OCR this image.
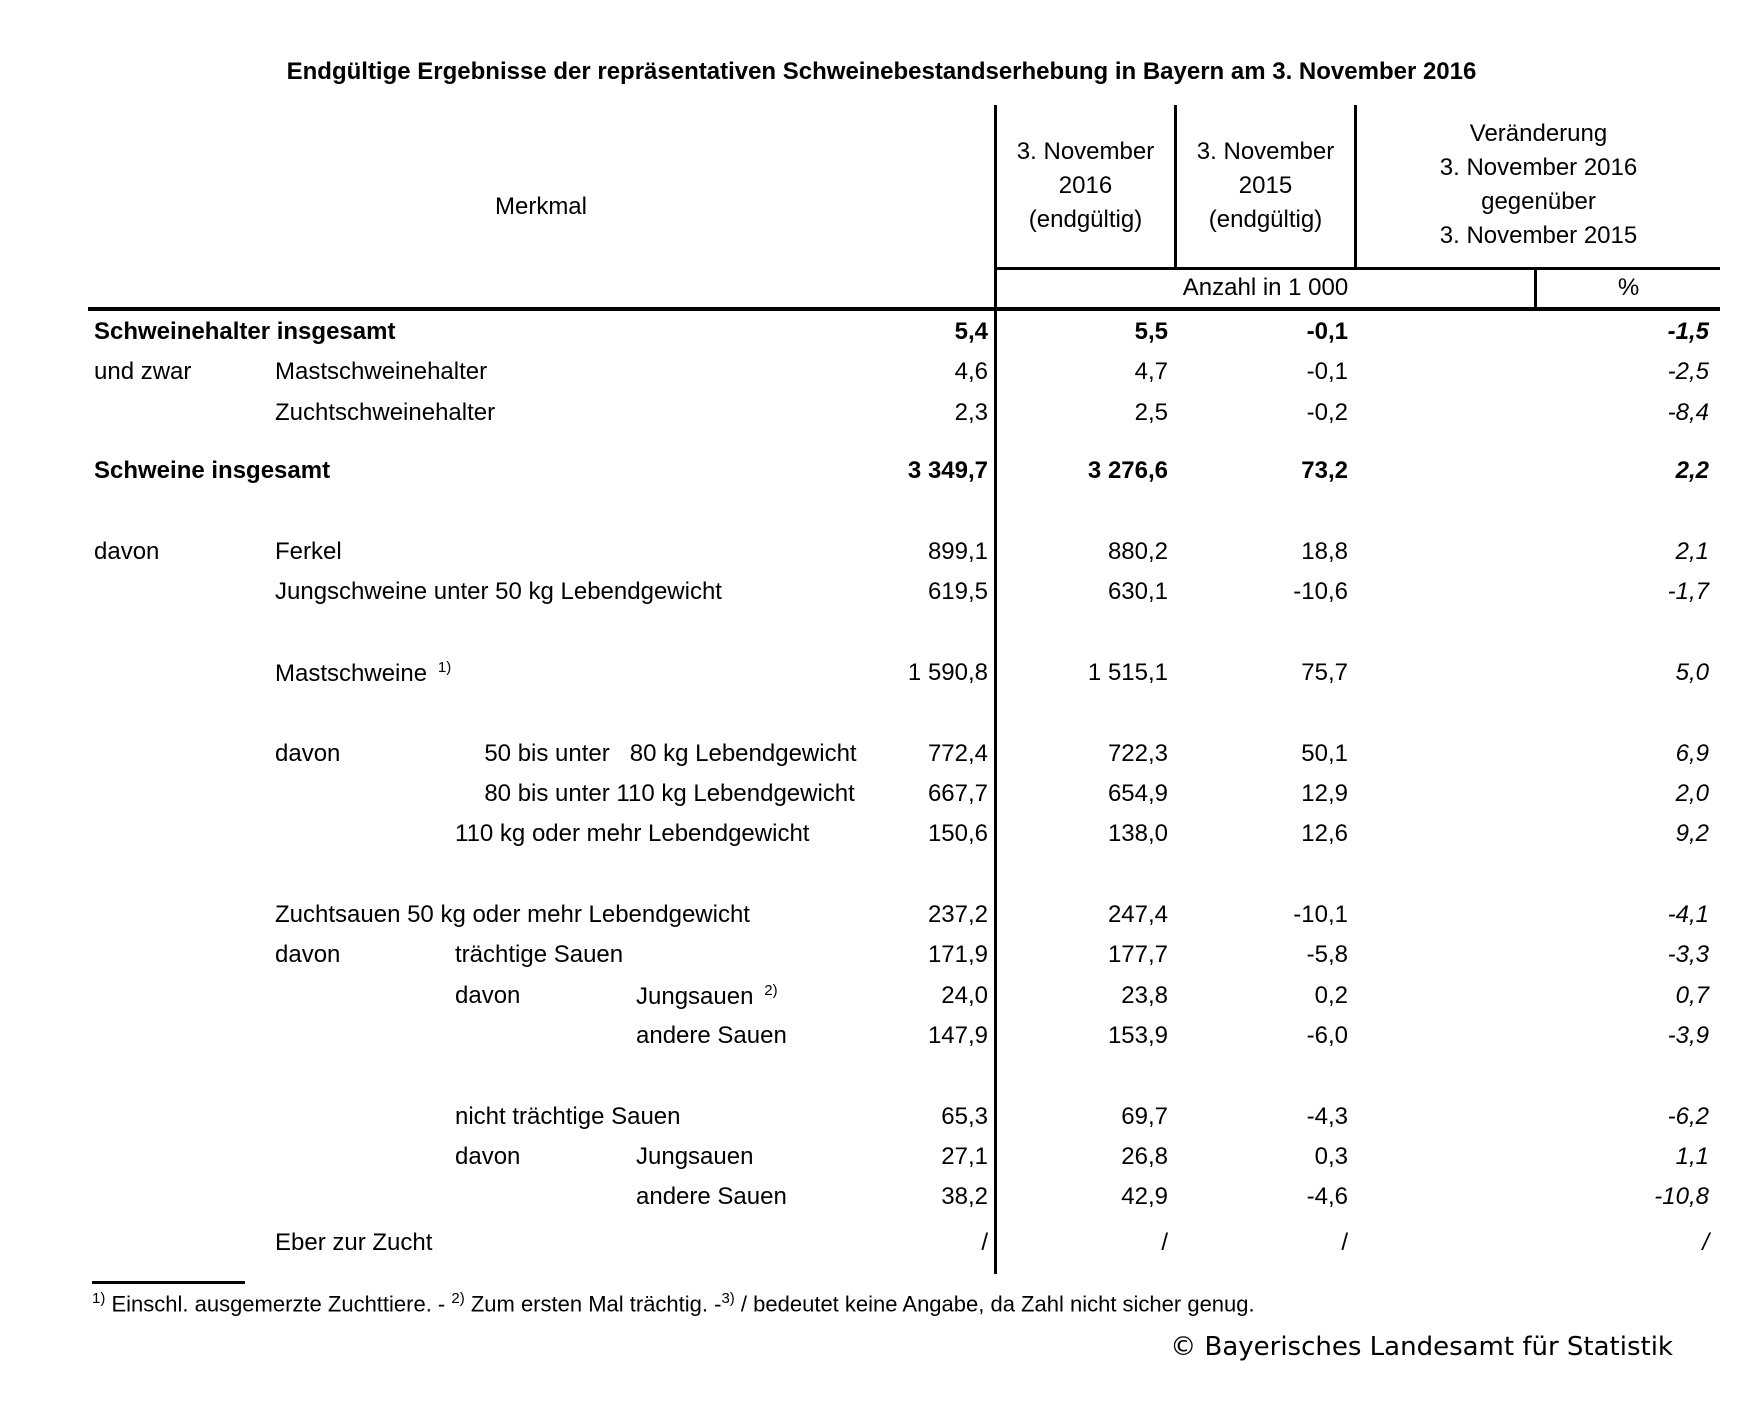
Endgültige Ergebnisse der repräsentativen Schweinebestandserhebung in Bayern am 3. November 2016
Merkmal
3. November
2016
(endgültig)
3. November
2015
(endgültig)
Veränderung
3. November 2016
gegenüber
3. November 2015
Anzahl in 1 000	%
Schweinehalter insgesamt	5,4	5,5	-0,1	-1,5
und zwar	Mastschweinehalter	4,6	4,7	-0,1	-2,5
Zuchtschweinehalter	2,3	2,5	-0,2	-8,4
Schweine insgesamt	3 349,7	3 276,6	73,2	2,2
davon	Ferkel	899,1	880,2	18,8	2,1
Jungschweine unter 50 kg Lebendgewicht	619,5	630,1	-10,6	-1,7
Mastschweine  $^{1)}$	1 590,8	1 515,1	75,7	5,0
davon	50 bis unter   80 kg Lebendgewicht	772,4	722,3	50,1	6,9
80 bis unter 110 kg Lebendgewicht	667,7	654,9	12,9	2,0
110 kg oder mehr Lebendgewicht	150,6	138,0	12,6	9,2
Zuchtsauen 50 kg oder mehr Lebendgewicht	237,2	247,4	-10,1	-4,1
davon	trächtige Sauen	171,9	177,7	-5,8	-3,3
davon	Jungsauen  $^{2)}$	24,0	23,8	0,2	0,7
andere Sauen	147,9	153,9	-6,0	-3,9
nicht trächtige Sauen	65,3	69,7	-4,3	-6,2
davon	Jungsauen	27,1	26,8	0,3	1,1
andere Sauen	38,2	42,9	-4,6	-10,8
Eber zur Zucht	/	/	/	/
$^{1)}$ Einschl. ausgemerzte Zuchttiere. - $^{2)}$ Zum ersten Mal trächtig. -$^{3)}$ / bedeutet keine Angabe, da Zahl nicht sicher genug.
© Bayerisches Landesamt für Statistik
